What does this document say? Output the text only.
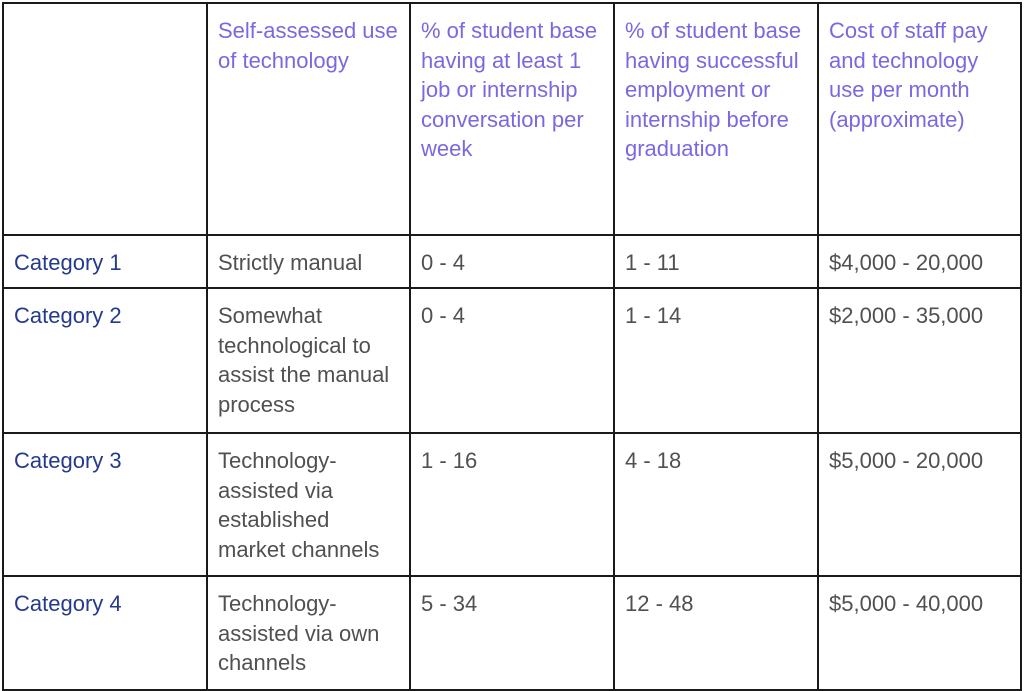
	Self-assessed use of technology	% of student base having at least 1 job or internship conversation per week	% of student base having successful employment or internship before graduation	Cost of staff pay and technology use per month (approximate)

Category 1	Strictly manual	0 - 4	1 - 11	$4,000 - 20,000

Category 2	Somewhat technological to assist the manual process	0 - 4	1 - 14	$2,000 - 35,000

Category 3	Technology-assisted via established market channels	1 - 16	4 - 18	$5,000 - 20,000

Category 4	Technology-assisted via own channels	5 - 34	12 - 48	$5,000 - 40,000
